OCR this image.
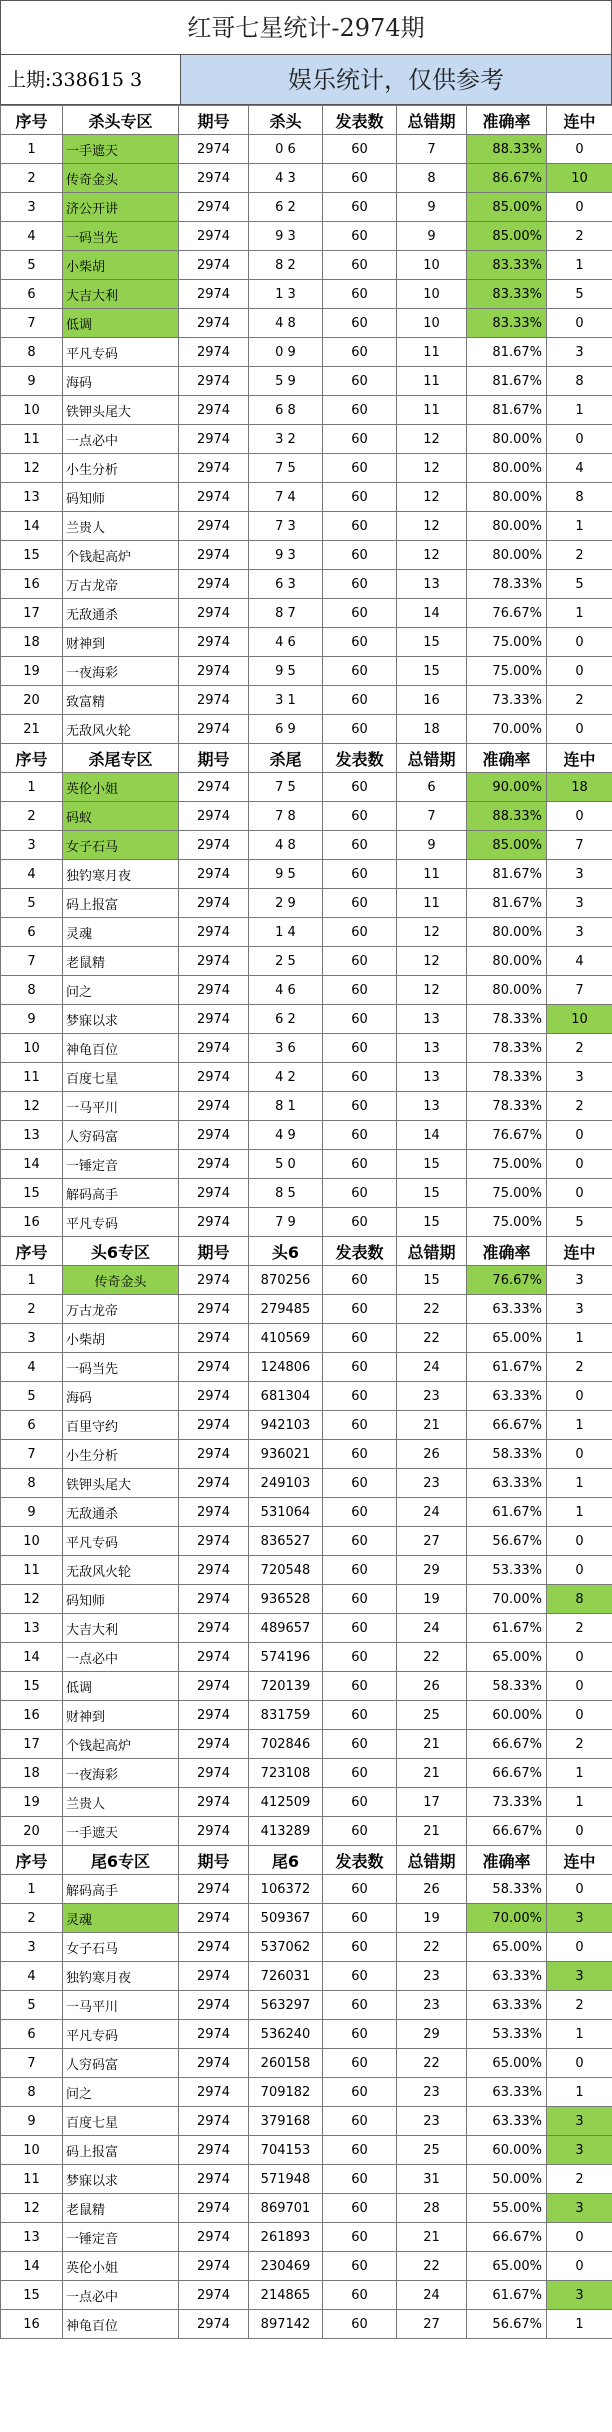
红哥七星统计-2974期
上期:338615 3	娱乐统计，仅供参考
序号	杀头专区	期号	杀头	发表数	总错期	准确率	连中
1	一手遮天	2974	0 6	60	7	88.33%	0
2	传奇金头	2974	4 3	60	8	86.67%	10
3	济公开讲	2974	6 2	60	9	85.00%	0
4	一码当先	2974	9 3	60	9	85.00%	2
5	小柴胡	2974	8 2	60	10	83.33%	1
6	大吉大利	2974	1 3	60	10	83.33%	5
7	低调	2974	4 8	60	10	83.33%	0
8	平凡专码	2974	0 9	60	11	81.67%	3
9	海码	2974	5 9	60	11	81.67%	8
10	铁钾头尾大	2974	6 8	60	11	81.67%	1
11	一点必中	2974	3 2	60	12	80.00%	0
12	小生分析	2974	7 5	60	12	80.00%	4
13	码知师	2974	7 4	60	12	80.00%	8
14	兰贵人	2974	7 3	60	12	80.00%	1
15	个钱起高炉	2974	9 3	60	12	80.00%	2
16	万古龙帝	2974	6 3	60	13	78.33%	5
17	无敌通杀	2974	8 7	60	14	76.67%	1
18	财神到	2974	4 6	60	15	75.00%	0
19	一夜海彩	2974	9 5	60	15	75.00%	0
20	致富精	2974	3 1	60	16	73.33%	2
21	无敌风火轮	2974	6 9	60	18	70.00%	0
序号	杀尾专区	期号	杀尾	发表数	总错期	准确率	连中
1	英伦小姐	2974	7 5	60	6	90.00%	18
2	码蚁	2974	7 8	60	7	88.33%	0
3	女子石马	2974	4 8	60	9	85.00%	7
4	独钓寒月夜	2974	9 5	60	11	81.67%	3
5	码上报富	2974	2 9	60	11	81.67%	3
6	灵魂	2974	1 4	60	12	80.00%	3
7	老鼠精	2974	2 5	60	12	80.00%	4
8	问之	2974	4 6	60	12	80.00%	7
9	梦寐以求	2974	6 2	60	13	78.33%	10
10	神龟百位	2974	3 6	60	13	78.33%	2
11	百度七星	2974	4 2	60	13	78.33%	3
12	一马平川	2974	8 1	60	13	78.33%	2
13	人穷码富	2974	4 9	60	14	76.67%	0
14	一锤定音	2974	5 0	60	15	75.00%	0
15	解码高手	2974	8 5	60	15	75.00%	0
16	平凡专码	2974	7 9	60	15	75.00%	5
序号	头6专区	期号	头6	发表数	总错期	准确率	连中
1	传奇金头	2974	870256	60	15	76.67%	3
2	万古龙帝	2974	279485	60	22	63.33%	3
3	小柴胡	2974	410569	60	22	65.00%	1
4	一码当先	2974	124806	60	24	61.67%	2
5	海码	2974	681304	60	23	63.33%	0
6	百里守约	2974	942103	60	21	66.67%	1
7	小生分析	2974	936021	60	26	58.33%	0
8	铁钾头尾大	2974	249103	60	23	63.33%	1
9	无敌通杀	2974	531064	60	24	61.67%	1
10	平凡专码	2974	836527	60	27	56.67%	0
11	无敌风火轮	2974	720548	60	29	53.33%	0
12	码知师	2974	936528	60	19	70.00%	8
13	大吉大利	2974	489657	60	24	61.67%	2
14	一点必中	2974	574196	60	22	65.00%	0
15	低调	2974	720139	60	26	58.33%	0
16	财神到	2974	831759	60	25	60.00%	0
17	个钱起高炉	2974	702846	60	21	66.67%	2
18	一夜海彩	2974	723108	60	21	66.67%	1
19	兰贵人	2974	412509	60	17	73.33%	1
20	一手遮天	2974	413289	60	21	66.67%	0
序号	尾6专区	期号	尾6	发表数	总错期	准确率	连中
1	解码高手	2974	106372	60	26	58.33%	0
2	灵魂	2974	509367	60	19	70.00%	3
3	女子石马	2974	537062	60	22	65.00%	0
4	独钓寒月夜	2974	726031	60	23	63.33%	3
5	一马平川	2974	563297	60	23	63.33%	2
6	平凡专码	2974	536240	60	29	53.33%	1
7	人穷码富	2974	260158	60	22	65.00%	0
8	问之	2974	709182	60	23	63.33%	1
9	百度七星	2974	379168	60	23	63.33%	3
10	码上报富	2974	704153	60	25	60.00%	3
11	梦寐以求	2974	571948	60	31	50.00%	2
12	老鼠精	2974	869701	60	28	55.00%	3
13	一锤定音	2974	261893	60	21	66.67%	0
14	英伦小姐	2974	230469	60	22	65.00%	0
15	一点必中	2974	214865	60	24	61.67%	3
16	神龟百位	2974	897142	60	27	56.67%	1
